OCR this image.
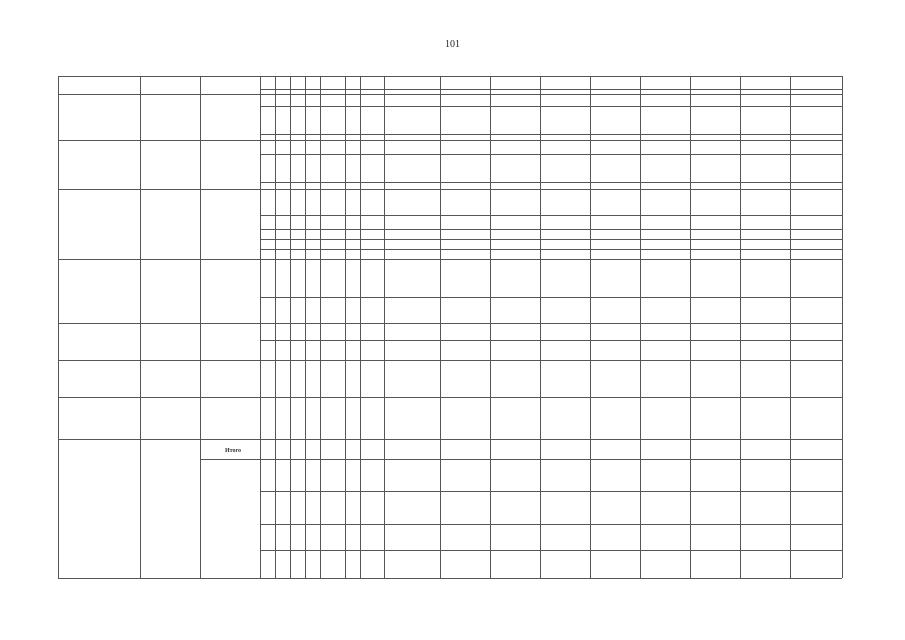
101
Итого
